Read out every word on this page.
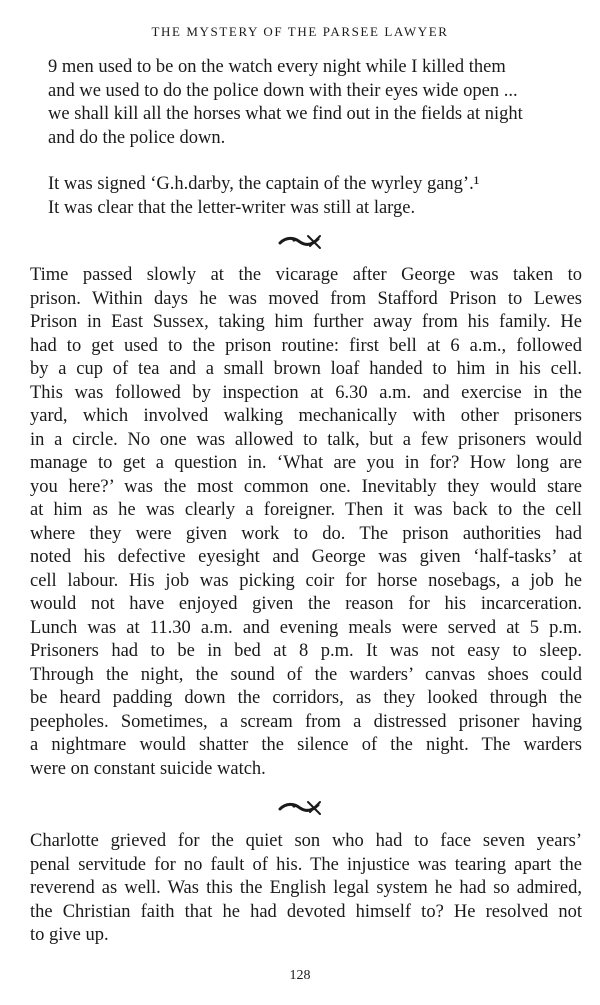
THE MYSTERY OF THE PARSEE LAWYER
9 men used to be on the watch every night while I killed them
and we used to do the police down with their eyes wide open ...
we shall kill all the horses what we find out in the fields at night
and do the police down.
It was signed ‘G.h.darby, the captain of the wyrley gang’.¹
It was clear that the letter-writer was still at large.
Time passed slowly at the vicarage after George was taken to
prison. Within days he was moved from Stafford Prison to Lewes
Prison in East Sussex, taking him further away from his family. He
had to get used to the prison routine: first bell at 6 a.m., followed
by a cup of tea and a small brown loaf handed to him in his cell.
This was followed by inspection at 6.30 a.m. and exercise in the
yard, which involved walking mechanically with other prisoners
in a circle. No one was allowed to talk, but a few prisoners would
manage to get a question in. ‘What are you in for? How long are
you here?’ was the most common one. Inevitably they would stare
at him as he was clearly a foreigner. Then it was back to the cell
where they were given work to do. The prison authorities had
noted his defective eyesight and George was given ‘half-tasks’ at
cell labour. His job was picking coir for horse nosebags, a job he
would not have enjoyed given the reason for his incarceration.
Lunch was at 11.30 a.m. and evening meals were served at 5 p.m.
Prisoners had to be in bed at 8 p.m. It was not easy to sleep.
Through the night, the sound of the warders’ canvas shoes could
be heard padding down the corridors, as they looked through the
peepholes. Sometimes, a scream from a distressed prisoner having
a nightmare would shatter the silence of the night. The warders
were on constant suicide watch.
Charlotte grieved for the quiet son who had to face seven years’
penal servitude for no fault of his. The injustice was tearing apart the
reverend as well. Was this the English legal system he had so admired,
the Christian faith that he had devoted himself to? He resolved not
to give up.
128
